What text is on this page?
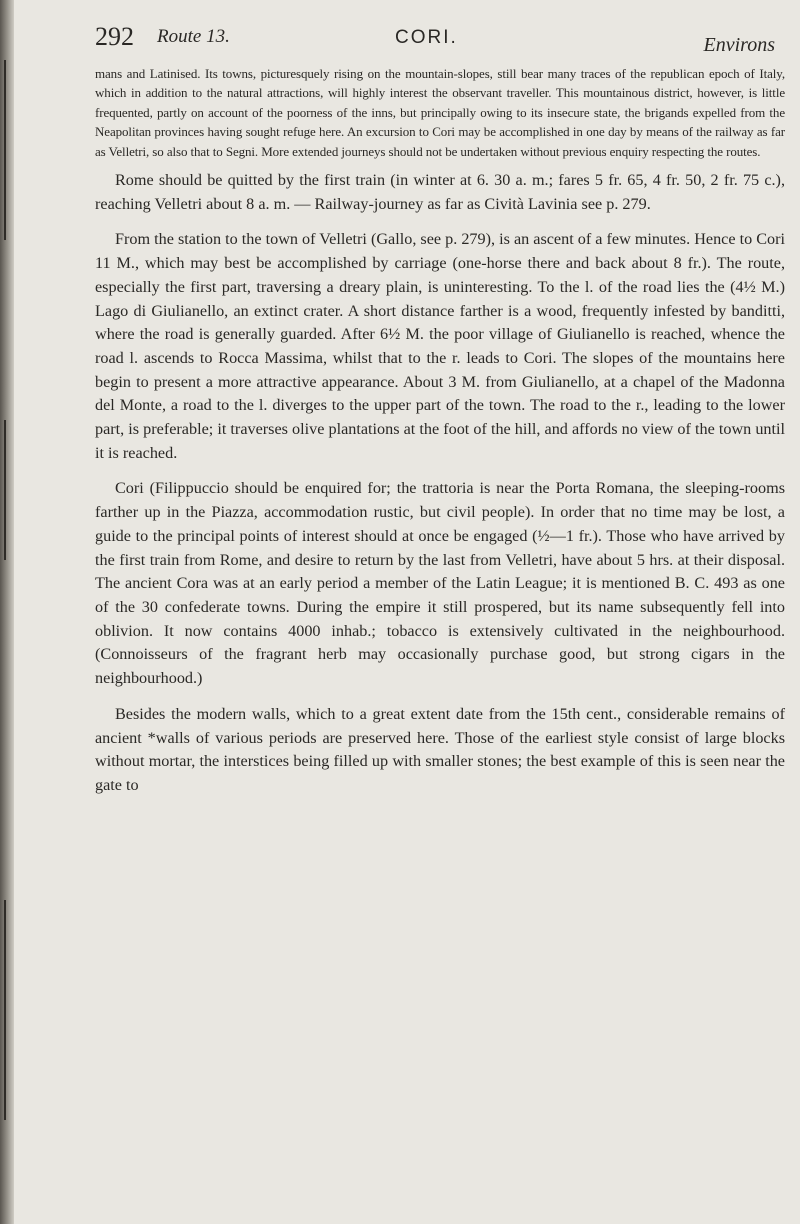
292 Route 13.	CORI.	Environs

mans and Latinised. Its towns, picturesquely rising on the mountain-slopes, still bear many traces of the republican epoch of Italy, which in addition to the natural attractions, will highly interest the observant traveller. This mountainous district, however, is little frequented, partly on account of the poorness of the inns, but principally owing to its insecure state, the brigands expelled from the Neapolitan provinces having sought refuge here. An excursion to Cori may be accomplished in one day by means of the railway as far as Velletri, so also that to Segni. More extended journeys should not be undertaken without previous enquiry respecting the routes.

Rome should be quitted by the first train (in winter at 6. 30 a. m.; fares 5 fr. 65, 4 fr. 50, 2 fr. 75 c.), reaching Velletri about 8 a. m. — Railway-journey as far as Cività Lavinia see p. 279.

From the station to the town of Velletri (Gallo, see p. 279), is an ascent of a few minutes. Hence to Cori 11 M., which may best be accomplished by carriage (one-horse there and back about 8 fr.). The route, especially the first part, traversing a dreary plain, is uninteresting. To the l. of the road lies the (4½ M.) Lago di Giulianello, an extinct crater. A short distance farther is a wood, frequently infested by banditti, where the road is generally guarded. After 6½ M. the poor village of Giulianello is reached, whence the road l. ascends to Rocca Massima, whilst that to the r. leads to Cori. The slopes of the mountains here begin to present a more attractive appearance. About 3 M. from Giulianello, at a chapel of the Madonna del Monte, a road to the l. diverges to the upper part of the town. The road to the r., leading to the lower part, is preferable; it traverses olive plantations at the foot of the hill, and affords no view of the town until it is reached.

Cori (Filippuccio should be enquired for; the trattoria is near the Porta Romana, the sleeping-rooms farther up in the Piazza, accommodation rustic, but civil people). In order that no time may be lost, a guide to the principal points of interest should at once be engaged (½—1 fr.). Those who have arrived by the first train from Rome, and desire to return by the last from Velletri, have about 5 hrs. at their disposal. The ancient Cora was at an early period a member of the Latin League; it is mentioned B. C. 493 as one of the 30 confederate towns. During the empire it still prospered, but its name subsequently fell into oblivion. It now contains 4000 inhab.; tobacco is extensively cultivated in the neighbourhood. (Connoisseurs of the fragrant herb may occasionally purchase good, but strong cigars in the neighbourhood.)

Besides the modern walls, which to a great extent date from the 15th cent., considerable remains of ancient *walls of various periods are preserved here. Those of the earliest style consist of large blocks without mortar, the interstices being filled up with smaller stones; the best example of this is seen near the gate to
